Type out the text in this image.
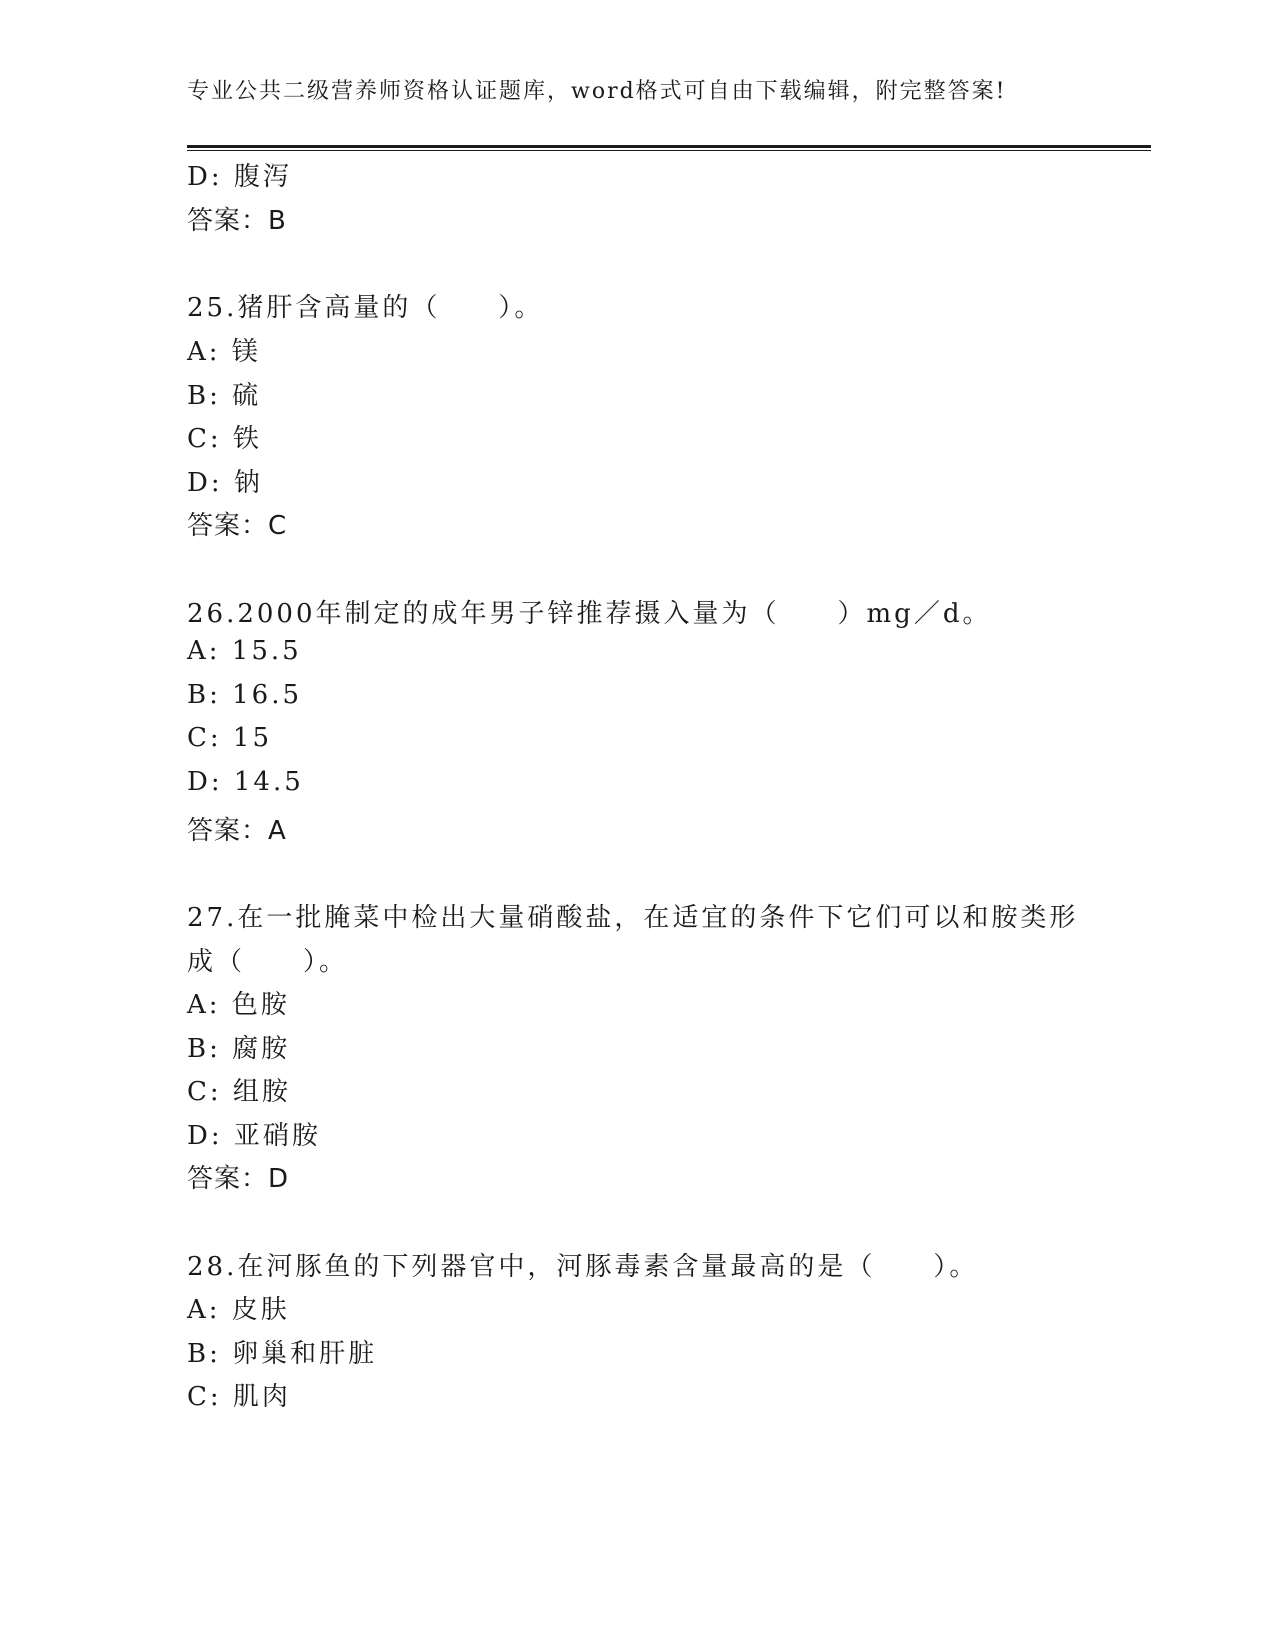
专业公共二级营养师资格认证题库，word格式可自由下载编辑，附完整答案!
D: 腹泻
答案：B
25.猪肝含高量的（　　）。
A: 镁
B: 硫
C: 铁
D: 钠
答案：C
26.2000年制定的成年男子锌推荐摄入量为（　　）mg／d。
A: 15.5
B: 16.5
C: 15
D: 14.5
答案：A
27.在一批腌菜中检出大量硝酸盐，在适宜的条件下它们可以和胺类形
成（　　）。
A: 色胺
B: 腐胺
C: 组胺
D: 亚硝胺
答案：D
28.在河豚鱼的下列器官中，河豚毒素含量最高的是（　　）。
A: 皮肤
B: 卵巢和肝脏
C: 肌肉
